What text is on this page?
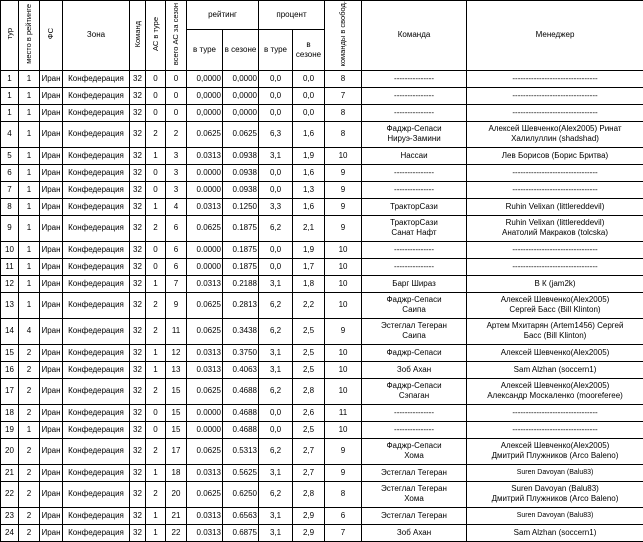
тур	место в рейтинге	ФС	Зона	Команд	АС в туре	всего АС за сезон	рейтинг		процент		команды в свобод.	Команда	Менеджер
							в туре	в сезоне	в туре	в сезоне			
1	1	Иран	Конфедерация	32	0	0	0,0000	0,0000	0,0	0,0	8	---------------	--------------------------------

1	1	Иран	Конфедерация	32	0	0	0,0000	0,0000	0,0	0,0	7	---------------	--------------------------------

1	1	Иран	Конфедерация	32	0	0	0,0000	0,0000	0,0	0,0	8	---------------	--------------------------------

4	1	Иран	Конфедерация	32	2	2	0.0625	0.0625	6,3	1,6	8	Фаджр-Сепаси
Нируэ-Замини	Алексей Шевченко(Alex2005) Ринат
Халилуллин (shadshad)

5	1	Иран	Конфедерация	32	1	3	0.0313	0.0938	3,1	1,9	10	Нассаи	Лев Борисов (Борис Бритва)

6	1	Иран	Конфедерация	32	0	3	0.0000	0.0938	0,0	1,6	9	---------------	--------------------------------

7	1	Иран	Конфедерация	32	0	3	0.0000	0.0938	0,0	1,3	9	---------------	--------------------------------

8	1	Иран	Конфедерация	32	1	4	0.0313	0.1250	3,3	1,6	9	ТракторСази	Ruhin Velixan (littlereddevil)

9	1	Иран	Конфедерация	32	2	6	0.0625	0.1875	6,2	2,1	9	ТракторСази
Санат Нафт	Ruhin Velixan (littlereddevil)
Анатолий Макраков (tolcska)

10	1	Иран	Конфедерация	32	0	6	0.0000	0.1875	0,0	1,9	10	---------------	--------------------------------

11	1	Иран	Конфедерация	32	0	6	0.0000	0.1875	0,0	1,7	10	---------------	--------------------------------

12	1	Иран	Конфедерация	32	1	7	0.0313	0.2188	3,1	1,8	10	Барг Шираз	В К (jam2k)

13	1	Иран	Конфедерация	32	2	9	0.0625	0.2813	6,2	2,2	10	Фаджр-Сепаси
Саипа	Алексей Шевченко(Alex2005)
Сергей Басс (Bill Klinton)

14	4	Иран	Конфедерация	32	2	11	0.0625	0.3438	6,2	2,5	9	Эстеглал Тегеран
Саипа	Артем Мхитарян (Artem1456) Сергей
Басс (Bill Klinton)

15	2	Иран	Конфедерация	32	1	12	0.0313	0.3750	3,1	2,5	10	Фаджр-Сепаси	Алексей Шевченко(Alex2005)

16	2	Иран	Конфедерация	32	1	13	0.0313	0.4063	3,1	2,5	10	Зоб Ахан	Sam Alzhan (soccern1)

17	2	Иран	Конфедерация	32	2	15	0.0625	0.4688	6,2	2,8	10	Фаджр-Сепаси
Сэпаган	Алексей Шевченко(Alex2005)
Александр Москаленко (mooreferee)

18	2	Иран	Конфедерация	32	0	15	0.0000	0.4688	0,0	2,6	11	---------------	--------------------------------

19	1	Иран	Конфедерация	32	0	15	0.0000	0.4688	0,0	2,5	10	---------------	--------------------------------

20	2	Иран	Конфедерация	32	2	17	0.0625	0.5313	6,2	2,7	9	Фаджр-Сепаси
Хома	Алексей Шевченко(Alex2005)
Дмитрий Плужников (Arco Baleno)

21	2	Иран	Конфедерация	32	1	18	0.0313	0.5625	3,1	2,7	9	Эстеглал Тегеран	Suren Davoyan (Balu83)

22	2	Иран	Конфедерация	32	2	20	0.0625	0.6250	6,2	2,8	8	Эстеглал Тегеран
Хома	Suren Davoyan (Balu83)
Дмитрий Плужников (Arco Baleno)

23	2	Иран	Конфедерация	32	1	21	0.0313	0.6563	3,1	2,9	6	Эстеглал Тегеран	Suren Davoyan (Balu83)

24	2	Иран	Конфедерация	32	1	22	0.0313	0.6875	3,1	2,9	7	Зоб Ахан	Sam Alzhan (soccern1)
